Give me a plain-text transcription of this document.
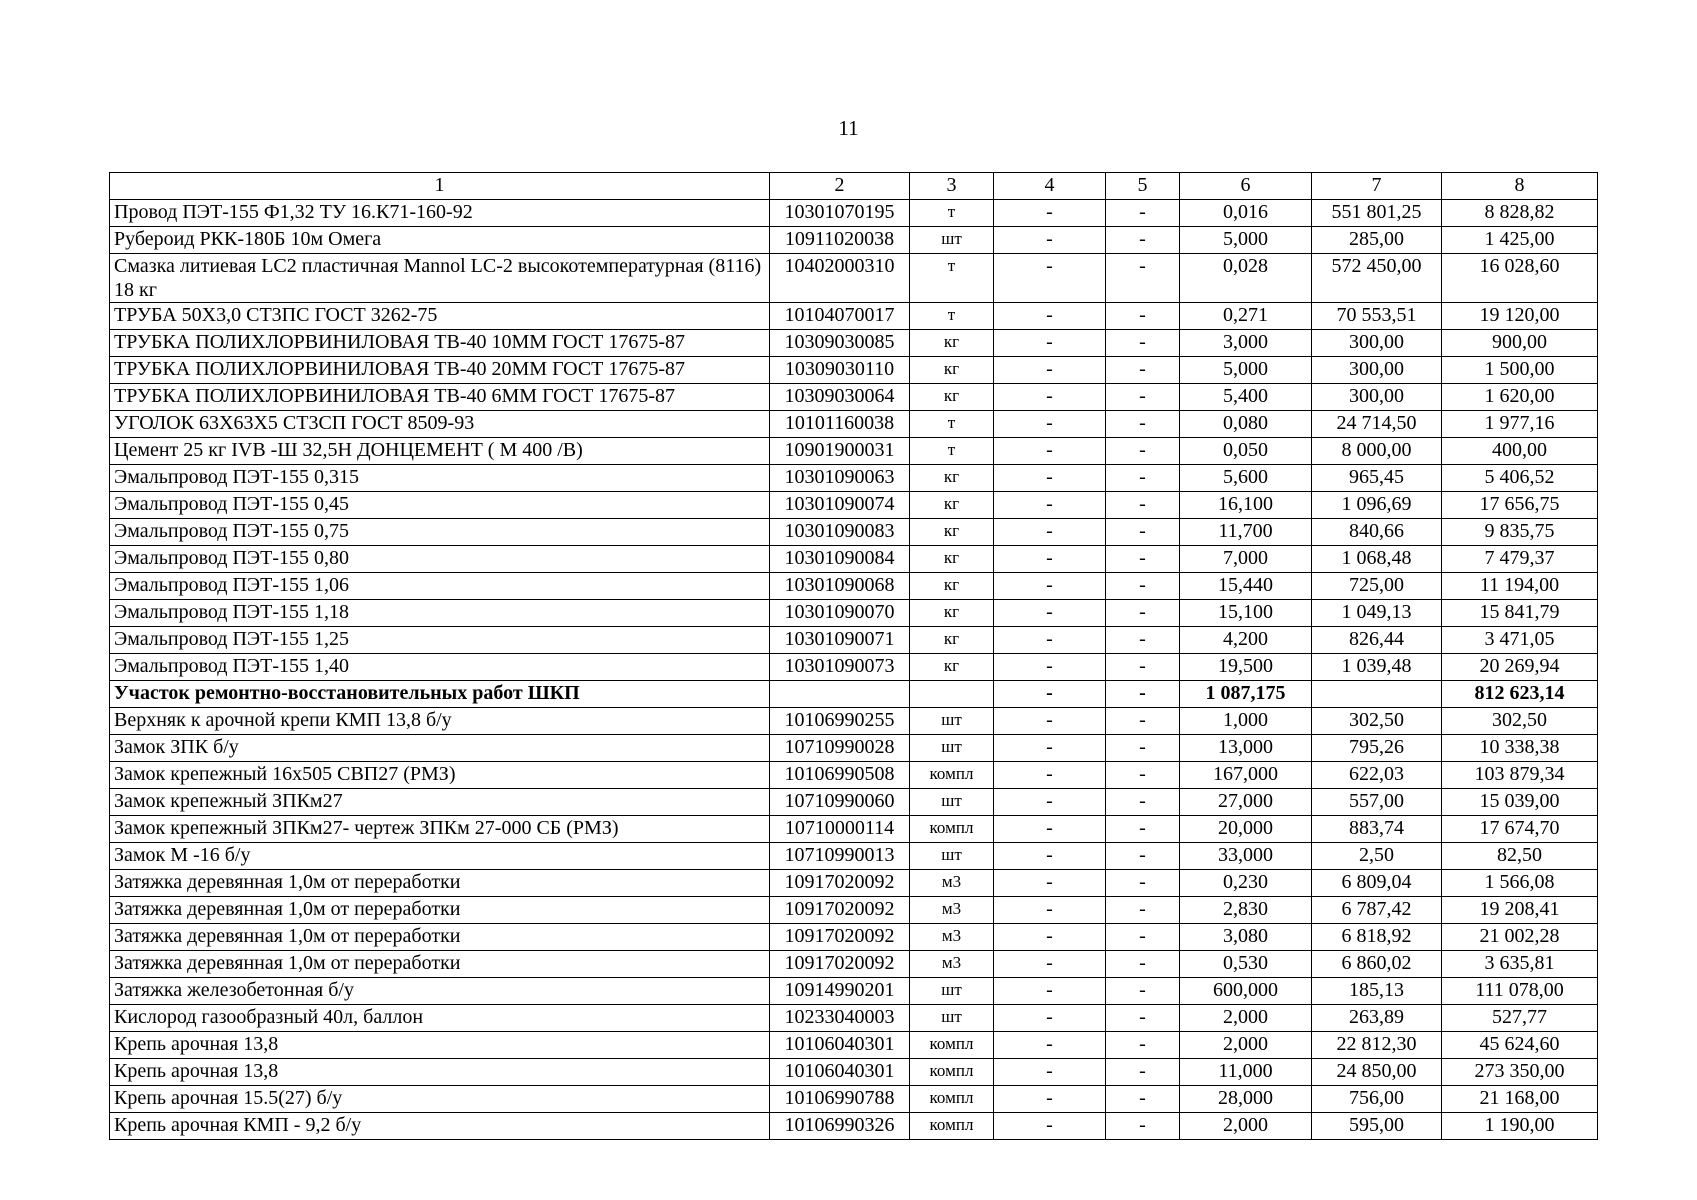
11
1	2	3	4	5	6	7	8
Провод ПЭТ-155 Ф1,32 ТУ 16.К71-160-92	10301070195	т	-	-	0,016	551 801,25	8 828,82
Рубероид РКК-180Б 10м Омега	10911020038	шт	-	-	5,000	285,00	1 425,00
Смазка литиевая LC2 пластичная Mannol LC-2 высокотемпературная (8116) 18 кг	10402000310	т	-	-	0,028	572 450,00	16 028,60
ТРУБА 50Х3,0 СТ3ПС ГОСТ 3262-75	10104070017	т	-	-	0,271	70 553,51	19 120,00
ТРУБКА ПОЛИХЛОРВИНИЛОВАЯ ТВ-40 10ММ ГОСТ 17675-87	10309030085	кг	-	-	3,000	300,00	900,00
ТРУБКА ПОЛИХЛОРВИНИЛОВАЯ ТВ-40 20ММ ГОСТ 17675-87	10309030110	кг	-	-	5,000	300,00	1 500,00
ТРУБКА ПОЛИХЛОРВИНИЛОВАЯ ТВ-40 6ММ ГОСТ 17675-87	10309030064	кг	-	-	5,400	300,00	1 620,00
УГОЛОК 63Х63Х5 СТ3СП ГОСТ 8509-93	10101160038	т	-	-	0,080	24 714,50	1 977,16
Цемент 25 кг IVB -Ш 32,5Н ДОНЦЕМЕНТ ( М 400 /В)	10901900031	т	-	-	0,050	8 000,00	400,00
Эмальпровод ПЭТ-155 0,315	10301090063	кг	-	-	5,600	965,45	5 406,52
Эмальпровод ПЭТ-155 0,45	10301090074	кг	-	-	16,100	1 096,69	17 656,75
Эмальпровод ПЭТ-155 0,75	10301090083	кг	-	-	11,700	840,66	9 835,75
Эмальпровод ПЭТ-155 0,80	10301090084	кг	-	-	7,000	1 068,48	7 479,37
Эмальпровод ПЭТ-155 1,06	10301090068	кг	-	-	15,440	725,00	11 194,00
Эмальпровод ПЭТ-155 1,18	10301090070	кг	-	-	15,100	1 049,13	15 841,79
Эмальпровод ПЭТ-155 1,25	10301090071	кг	-	-	4,200	826,44	3 471,05
Эмальпровод ПЭТ-155 1,40	10301090073	кг	-	-	19,500	1 039,48	20 269,94
Участок ремонтно-восстановительных работ ШКП			-	-	1 087,175		812 623,14
Верхняк к арочной крепи КМП 13,8 б/у	10106990255	шт	-	-	1,000	302,50	302,50
Замок ЗПК б/у	10710990028	шт	-	-	13,000	795,26	10 338,38
Замок крепежный 16х505 СВП27 (РМЗ)	10106990508	компл	-	-	167,000	622,03	103 879,34
Замок крепежный ЗПКм27	10710990060	шт	-	-	27,000	557,00	15 039,00
Замок крепежный ЗПКм27- чертеж ЗПКм 27-000 СБ (РМЗ)	10710000114	компл	-	-	20,000	883,74	17 674,70
Замок М -16 б/у	10710990013	шт	-	-	33,000	2,50	82,50
Затяжка деревянная 1,0м от переработки	10917020092	м3	-	-	0,230	6 809,04	1 566,08
Затяжка деревянная 1,0м от переработки	10917020092	м3	-	-	2,830	6 787,42	19 208,41
Затяжка деревянная 1,0м от переработки	10917020092	м3	-	-	3,080	6 818,92	21 002,28
Затяжка деревянная 1,0м от переработки	10917020092	м3	-	-	0,530	6 860,02	3 635,81
Затяжка железобетонная б/у	10914990201	шт	-	-	600,000	185,13	111 078,00
Кислород газообразный 40л, баллон	10233040003	шт	-	-	2,000	263,89	527,77
Крепь арочная 13,8	10106040301	компл	-	-	2,000	22 812,30	45 624,60
Крепь арочная 13,8	10106040301	компл	-	-	11,000	24 850,00	273 350,00
Крепь арочная 15.5(27) б/у	10106990788	компл	-	-	28,000	756,00	21 168,00
Крепь арочная КМП - 9,2 б/у	10106990326	компл	-	-	2,000	595,00	1 190,00
